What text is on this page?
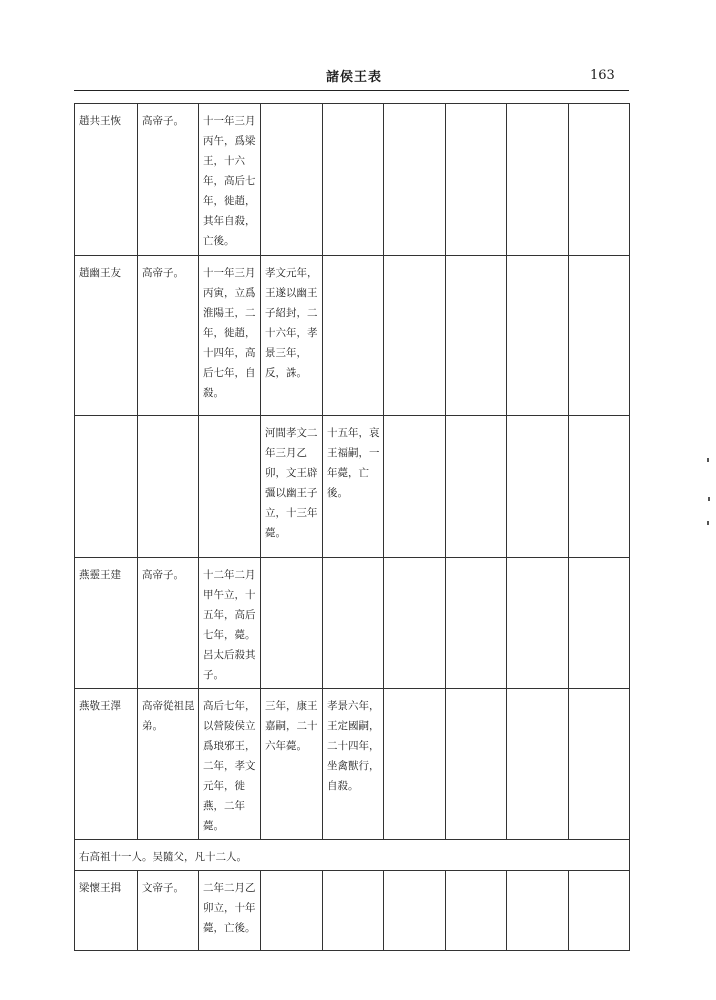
諸侯王表	163
趙共王恢	高帝子。	十一年三月丙午，爲梁王，十六年，高后七年，徙趙，其年自殺，亡後。						
趙幽王友	高帝子。	十一年三月丙寅，立爲淮陽王，二年，徙趙，十四年，高后七年，自殺。	孝文元年，王遂以幽王子紹封，二十六年，孝景三年，反，誅。					
			河間孝文二年三月乙卯，文王辟彊以幽王子立，十三年薨。	十五年，哀王福嗣，一年薨，亡後。				
燕靈王建	高帝子。	十二年二月甲午立，十五年，高后七年，薨。呂太后殺其子。						
燕敬王澤	高帝從祖昆弟。	高后七年，以營陵侯立爲琅邪王，二年，孝文元年，徙燕，二年薨。	三年，康王嘉嗣，二十六年薨。	孝景六年，王定國嗣，二十四年，坐禽獸行，自殺。				
右高祖十一人。吴隨父，凡十二人。								
梁懷王揖	文帝子。	二年二月乙卯立，十年薨，亡後。						
